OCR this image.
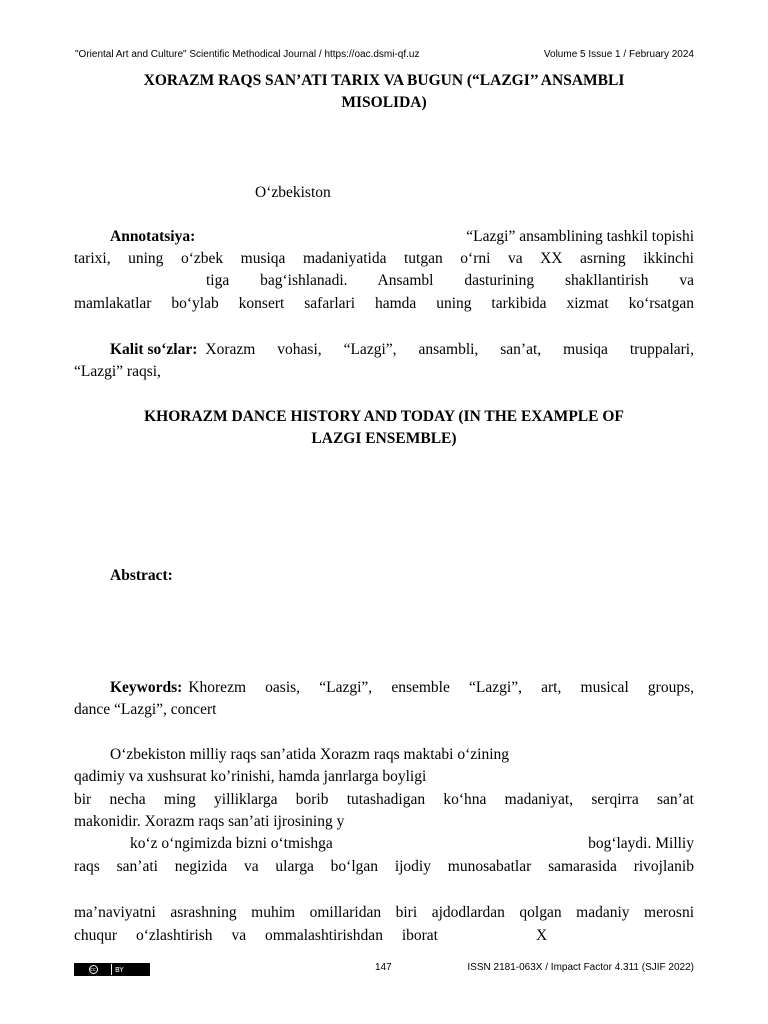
"Oriental Art and Culture" Scientific Methodical Journal / https://oac.dsmi-qf.uz	Volume 5 Issue 1 / February 2024
XORAZM RAQS SAN’ATI TARIX VA BUGUN (“LAZGI’’ ANSAMBLI
MISOLIDA)
O‘zbekiston
Annotatsiya:	“Lazgi” ansamblining tashkil topishi
tarixi, uning o‘zbek musiqa madaniyatida tutgan o‘rni va XX asrning ikkinchi
tiga bag‘ishlanadi. Ansambl dasturining shakllantirish va
mamlakatlar bo‘ylab konsert safarlari hamda uning tarkibida xizmat ko‘rsatgan
Kalit so‘zlar: Xorazm vohasi, “Lazgi”, ansambli, san’at, musiqa truppalari,
“Lazgi” raqsi,
KHORAZM DANCE HISTORY AND TODAY (IN THE EXAMPLE OF
LAZGI ENSEMBLE)
Abstract:
Keywords: Khorezm oasis, “Lazgi”, ensemble “Lazgi”, art, musical groups,
dance “Lazgi”, concert
O‘zbekiston milliy raqs san’atida Xorazm raqs maktabi o‘zining
qadimiy va xushsurat ko’rinishi, hamda janrlarga boyligi
bir necha ming yilliklarga borib tutashadigan ko‘hna madaniyat, serqirra san’at
makonidir. Xorazm raqs san’ati ijrosining y
ko‘z o‘ngimizda bizni o‘tmishga	bog‘laydi. Milliy
raqs san’ati negizida va ularga bo‘lgan ijodiy munosabatlar samarasida rivojlanib
ma’naviyatni asrashning muhim omillaridan biri ajdodlardan qolgan madaniy merosni
chuqur o‘zlashtirish va ommalashtirishdan iborat	X
cc	BY	147	ISSN 2181-063X / Impact Factor 4.311 (SJIF 2022)
